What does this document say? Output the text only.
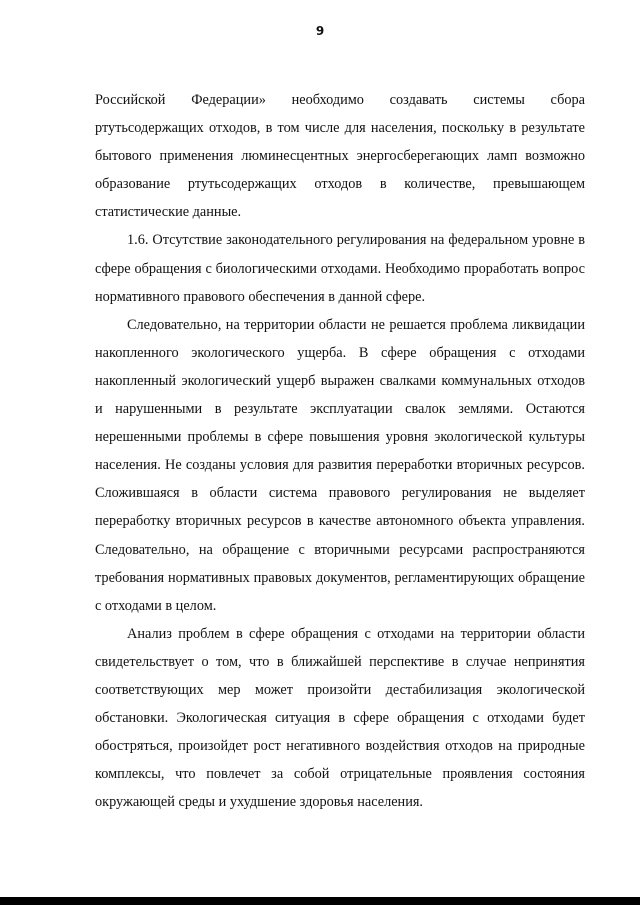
9

Российской Федерации» необходимо создавать системы сбора ртутьсодержащих отходов, в том числе для населения, поскольку в результате бытового применения люминесцентных энергосберегающих ламп возможно образование ртутьсодержащих отходов в количестве, превышающем статистические данные.

1.6. Отсутствие законодательного регулирования на федеральном уровне в сфере обращения с биологическими отходами. Необходимо проработать вопрос нормативного правового обеспечения в данной сфере.

Следовательно, на территории области не решается проблема ликвидации накопленного экологического ущерба. В сфере обращения с отходами накопленный экологический ущерб выражен свалками коммунальных отходов и нарушенными в результате эксплуатации свалок землями. Остаются нерешенными проблемы в сфере повышения уровня экологической культуры населения. Не созданы условия для развития переработки вторичных ресурсов. Сложившаяся в области система правового регулирования не выделяет переработку вторичных ресурсов в качестве автономного объекта управления. Следовательно, на обращение с вторичными ресурсами распространяются требования нормативных правовых документов, регламентирующих обращение с отходами в целом.

Анализ проблем в сфере обращения с отходами на территории области свидетельствует о том, что в ближайшей перспективе в случае непринятия соответствующих мер может произойти дестабилизация экологической обстановки. Экологическая ситуация в сфере обращения с отходами будет обостряться, произойдет рост негативного воздействия отходов на природные комплексы, что повлечет за собой отрицательные проявления состояния окружающей среды и ухудшение здоровья населения.
